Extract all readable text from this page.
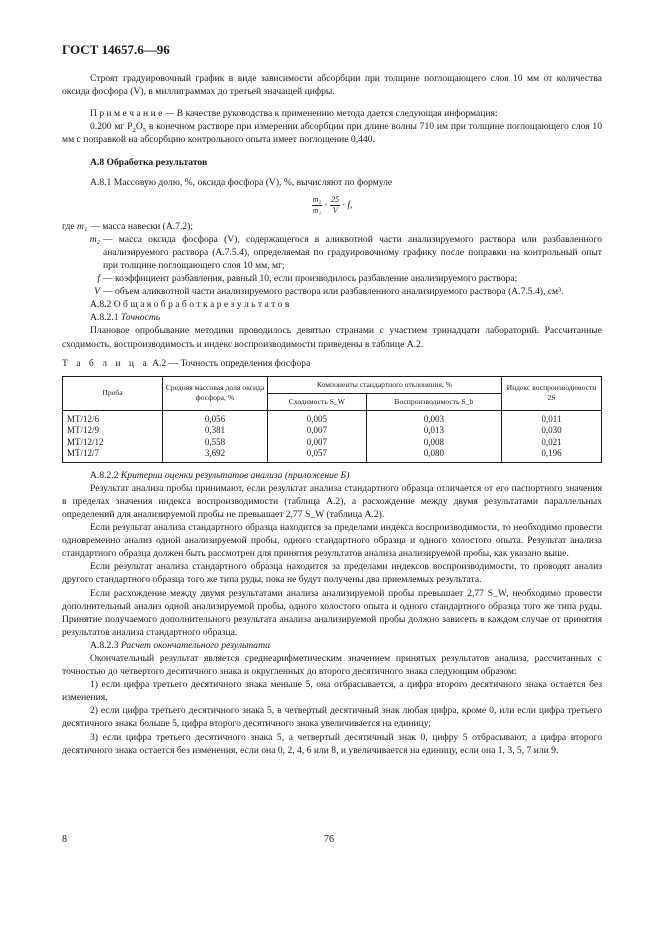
ГОСТ 14657.6—96

Строят градуировочный график в виде зависимости абсорбции при толщине поглощающего слоя 10 мм от количества оксида фосфора (V), в миллиграммах до третьей значащей цифры.

П р и м е ч а н и е — В качестве руководства к применению метода дается следующая информация:

0.200 мг $P_2O_5$ в конечном растворе при измерении абсорбции при длине волны 710 им при толщине поглощающего слоя 10 мм с поправкой на абсорбцию контрольного опыта имеет поглощение 0,440.

А.8 Обработка результатов

А.8.1 Массовую долю, %, оксида фосфора (V), %, вычисляют по формуле

$\frac{\text{m₂}}{\text{m₁}} \cdot \frac{25}{V} \cdot f$,
где m₁ — масса навески (А.7.2);
m₂ — масса оксида фосфора (V), содержащегося в аликвотной части анализируемого раствора или разбавленного анализируемого раствора (А.7.5.4), определяемая по градуировочному графику после поправки на контрольный опыт при толщине поглощающего слоя 10 мм, мг;
f — коэффициент разбавления, равный 10, если производилось разбавление анализируемого раствора;
V — объем аликвотной части анализируемого раствора или разбавленного анализируемого раствора (А.7.5.4), см³.

А.8.2 О б щ а я о б р а б о т к а р е з у л ь т а т о в

А.8.2.1 Точность

Плановое опробывание методики проводилось девятью странами с участием тринадцати лабораторий. Рассчитанные сходимость, воспроизводимость и индекс воспроизводимости приведены в таблице А.2.

Т а б л и ц а А.2 — Точность определения фосфора

Проба	Средняя массовая доля оксида фосфора, %	Компоненты стандартного отклонения, %		Индекс воспроизводимости 2S
		Сходимость S_W	Воспроизводимость S_b	
МТ/12/6	0,056	0,005	0,003	0,011
МТ/12/9	0,381	0,007	0,013	0,030
МТ/12/12	0,558	0,007	0,008	0,021
МТ/12/7	3,692	0,057	0,080	0,196

А.8.2.2 Критерии оценки результатов анализа (приложение Б)

Результат анализа пробы принимают, если результат анализа стандартного образца отличается от его паспортного значения в пределах значения индекса воспроизводимости (таблица А.2), а расхождение между двумя результатами параллельных определений для анализируемой пробы не превышает 2,77 S_W (таблица А.2).

Если результат анализа стандартного образца находится за пределами индекса воспроизводимости, то необходимо провести одновременно анализ одной анализируемой пробы, одного стандартного образца и одного холостого опыта. Результат анализа стандартного образца должен быть рассмотрен для принятия результатов анализа анализируемой пробы, как указано выше.

Если результат анализа стандартного образца находится за пределами индексов воспроизводимости, то проводят анализ другого стандартного образца того же типа руды, пока не будут получены два приемлемых результата.

Если расхождение между двумя результатами анализа анализируемой пробы превышает 2,77 S_W, необходимо провести дополнительный анализ одной анализируемой пробы, одного холостого опыта и одного стандартного образца того же типа руды. Принятие получаемого дополнительного результата анализа анализируемой пробы должно зависеть в каждом случае от принятия результатов анализа стандартного образца.

А.8.2.3 Расчет окончательного результата

Окончательный результат является среднеарифметическим значением принятых результатов анализа, рассчитанных с точностью до четвертого десятичного знака и округленных до второго десятичного знака следующим образом:

1) если цифра третьего десятичного знака меньше 5, она отбрасывается, а цифра второго десятичного знака остается без изменения.

2) если цифра третьего десятичного знака 5, в четвертый десятичный знак любая цифра, кроме 0, или если цифра третьего десятичного знака больше 5, цифра второго десятичного знака увеличивается на единицу;

3) если цифра третьего десятичного знака 5, а четвертый десятичный знак 0, цифру 5 отбрасывают, а цифра второго десятичного знака остается без изменения, если она 0, 2, 4, 6 или 8, и увеличивается на единицу, если она 1, 3, 5, 7 или 9.

8	76
